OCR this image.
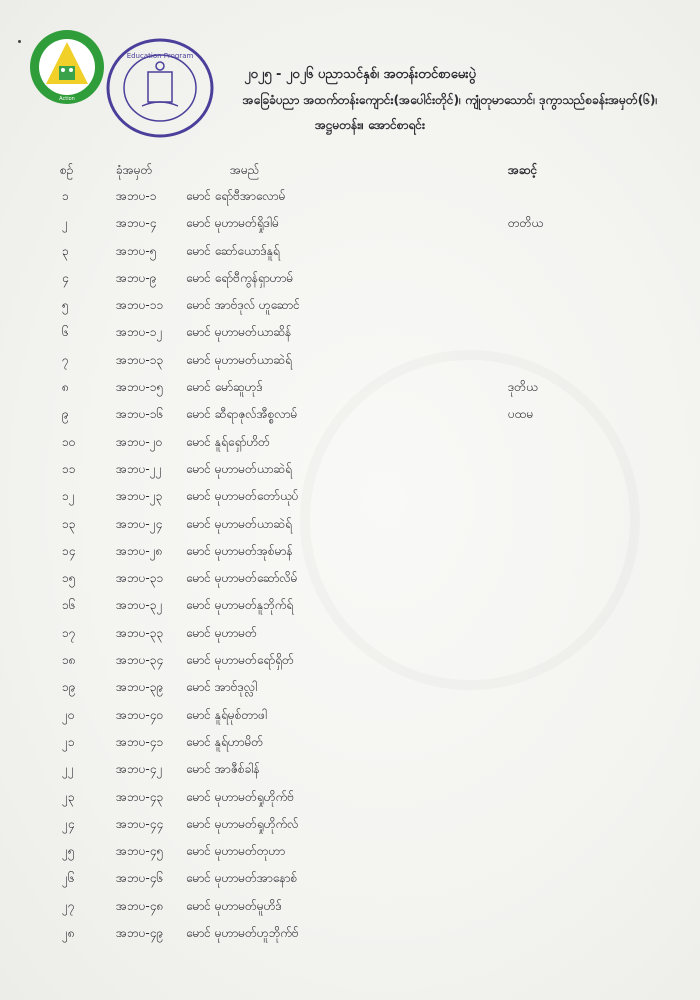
Action
Education Program
၂၀၂၅ - ၂၀၂၆ ပညာသင်နှစ်၊ အတန်းတင်စာမေးပွဲ
အခြေခံပညာ အထက်တန်းကျောင်း(အပေါင်းတိုင်)၊ ကျုံတုမာသောင်၊ ဒုကွာသည်စခန်းအမှတ်(၆)၊
အဋ္ဌမတန်း။ အောင်စာရင်း
စဉ်	ခုံအမှတ်	အမည်	အဆင့်
၁	အဘပ-၁ မောင် ရော်ဗီအာလောမ်
၂	အဘပ-၄ မောင် မုဟာမတ်ရှိုဒါမ်	တတိယ
၃	အဘပ-၅ မောင် ဆော်ယောဒ်နူရ်
၄	အဘပ-၉ မောင် ရော်ဗီကွန်ရှာဟာမ်
၅	အဘပ-၁၁ မောင် အာဗ်ဒုလ် ဟူဆောင်
၆	အဘပ-၁၂ မောင် မုဟာမတ်ယာဆိန်
၇	အဘပ-၁၃ မောင် မုဟာမတ်ယာဆဲရ်
၈	အဘပ-၁၅ မောင် မော်ဆူဟုဒ်	ဒုတိယ
၉	အဘပ-၁၆ မောင် ဆီရာဇုလ်အီစ္စလာမ်	ပထမ
၁၀	အဘပ-၂၀ မောင် နူရ်ရှော်ဟိတ်
၁၁	အဘပ-၂၂ မောင် မုဟာမတ်ယာဆဲရ်
၁၂	အဘပ-၂၃ မောင် မုဟာမတ်တော်ယုပ်
၁၃	အဘပ-၂၄ မောင် မုဟာမတ်ယာဆဲရ်
၁၄	အဘပ-၂၈ မောင် မုဟာမတ်အုစ်မာန်
၁၅	အဘပ-၃၁ မောင် မုဟာမတ်ဆော်လိမ်
၁၆	အဘပ-၃၂ မောင် မုဟာမတ်နူဘိုက်ရ်
၁၇	အဘပ-၃၃ မောင် မုဟာမတ်
၁၈	အဘပ-၃၄ မောင် မုဟာမတ်ရော်ရှိတ်
၁၉	အဘပ-၃၉ မောင် အာဗ်ဒုလ္လါ
၂၀	အဘပ-၄၀ မောင် နူရ်မုစ်တာဖါ
၂၁	အဘပ-၄၁ မောင် နူရ်ဟာမိတ်
၂၂	အဘပ-၄၂ မောင် အာဇီစ်ခါန်
၂၃	အဘပ-၄၃ မောင် မုဟာမတ်ရှုဟိုက်ဗ်
၂၄	အဘပ-၄၄ မောင် မုဟာမတ်ရှုဟိုက်လ်
၂၅	အဘပ-၄၅ မောင် မုဟာမတ်တုဟာ
၂၆	အဘပ-၄၆ မောင် မုဟာမတ်အာနောစ်
၂၇	အဘပ-၄၈ မောင် မုဟာမတ်မူဟိဒ်
၂၈	အဘပ-၄၉ မောင် မုဟာမတ်ဟူဘိုက်ဗ်
